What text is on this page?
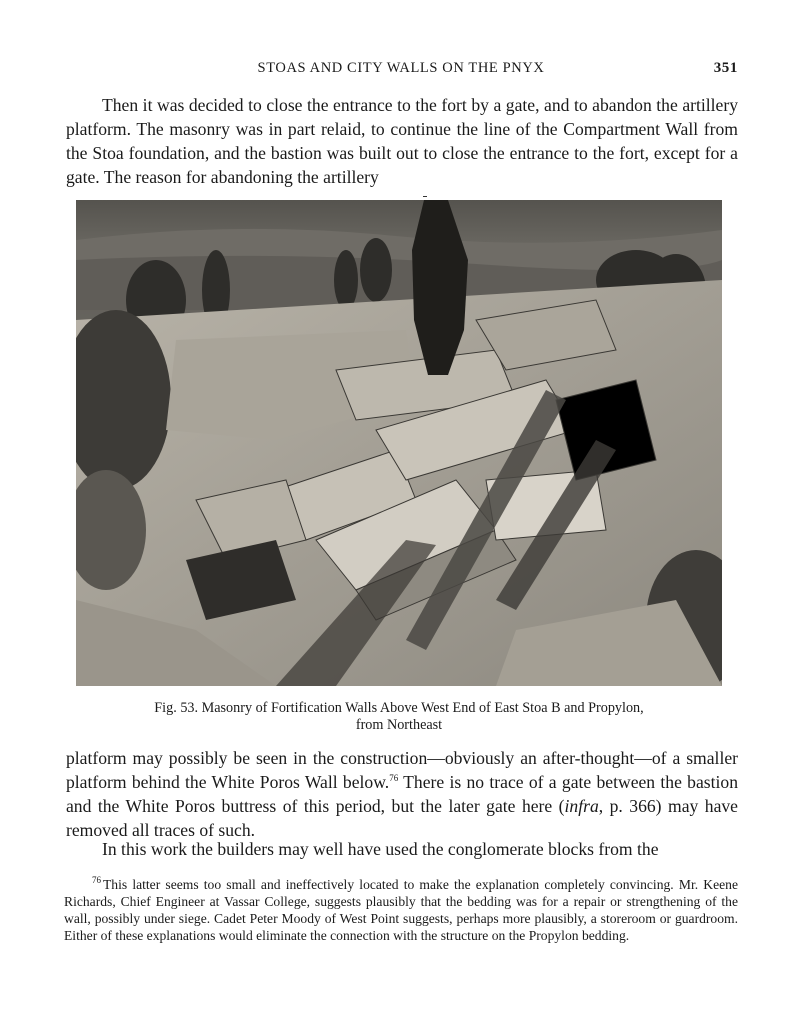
STOAS AND CITY WALLS ON THE PNYX	351

Then it was decided to close the entrance to the fort by a gate, and to abandon the artillery platform. The masonry was in part relaid, to continue the line of the Compartment Wall from the Stoa foundation, and the bastion was built out to close the entrance to the fort, except for a gate. The reason for abandoning the artillery

Fig. 53. Masonry of Fortification Walls Above West End of East Stoa B and Propylon,
from Northeast

platform may possibly be seen in the construction—obviously an after-thought—of a smaller platform behind the White Poros Wall below.$^{76}$ There is no trace of a gate between the bastion and the White Poros buttress of this period, but the later gate here (infra, p. 366) may have removed all traces of such.

In this work the builders may well have used the conglomerate blocks from the

$^{76}$ This latter seems too small and ineffectively located to make the explanation completely convincing. Mr. Keene Richards, Chief Engineer at Vassar College, suggests plausibly that the bedding was for a repair or strengthening of the wall, possibly under siege. Cadet Peter Moody of West Point suggests, perhaps more plausibly, a storeroom or guardroom. Either of these explanations would eliminate the connection with the structure on the Propylon bedding.
